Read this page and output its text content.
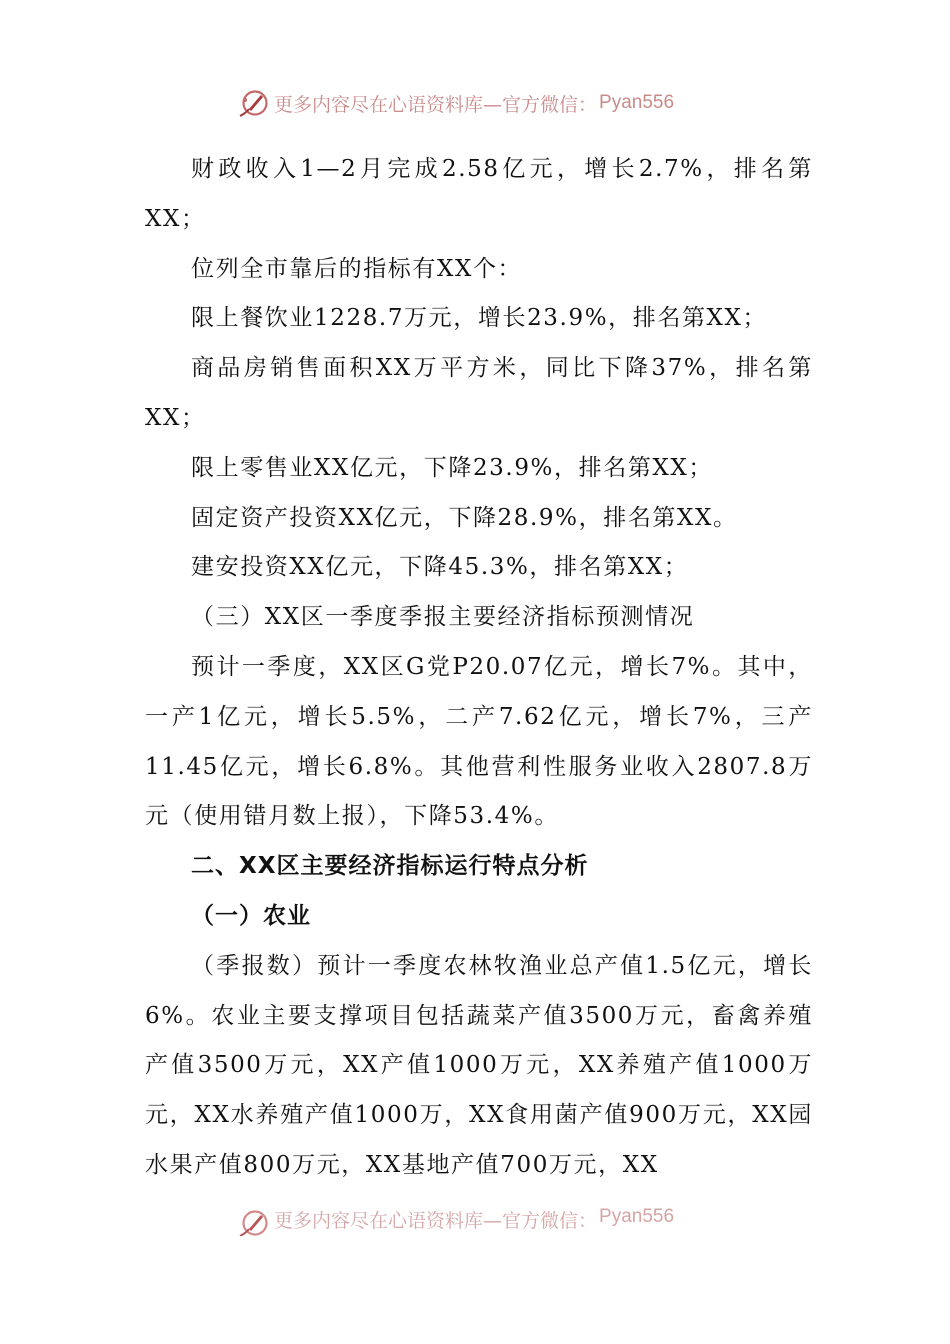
更多内容尽在心语资料库—官方微信： Pyan556

财政收入1—2月完成2.58亿元，增长2.7%，排名第XX；

位列全市靠后的指标有XX个：

限上餐饮业1228.7万元，增长23.9%，排名第XX；

商品房销售面积XX万平方米，同比下降37%，排名第XX；

限上零售业XX亿元，下降23.9%，排名第XX；

固定资产投资XX亿元，下降28.9%，排名第XX。

建安投资XX亿元，下降45.3%，排名第XX；

（三）XX区一季度季报主要经济指标预测情况

预计一季度，XX区G党P20.07亿元，增长7%。其中，一产1亿元，增长5.5%，二产7.62亿元，增长7%，三产11.45亿元，增长6.8%。其他营利性服务业收入2807.8万元（使用错月数上报），下降53.4%。

二、XX区主要经济指标运行特点分析

（一）农业

（季报数）预计一季度农林牧渔业总产值1.5亿元，增长6%。农业主要支撑项目包括蔬菜产值3500万元，畜禽养殖产值3500万元，XX产值1000万元，XX养殖产值1000万元，XX水养殖产值1000万，XX食用菌产值900万元，XX园水果产值800万元，XX基地产值700万元，XX

更多内容尽在心语资料库—官方微信： Pyan556
